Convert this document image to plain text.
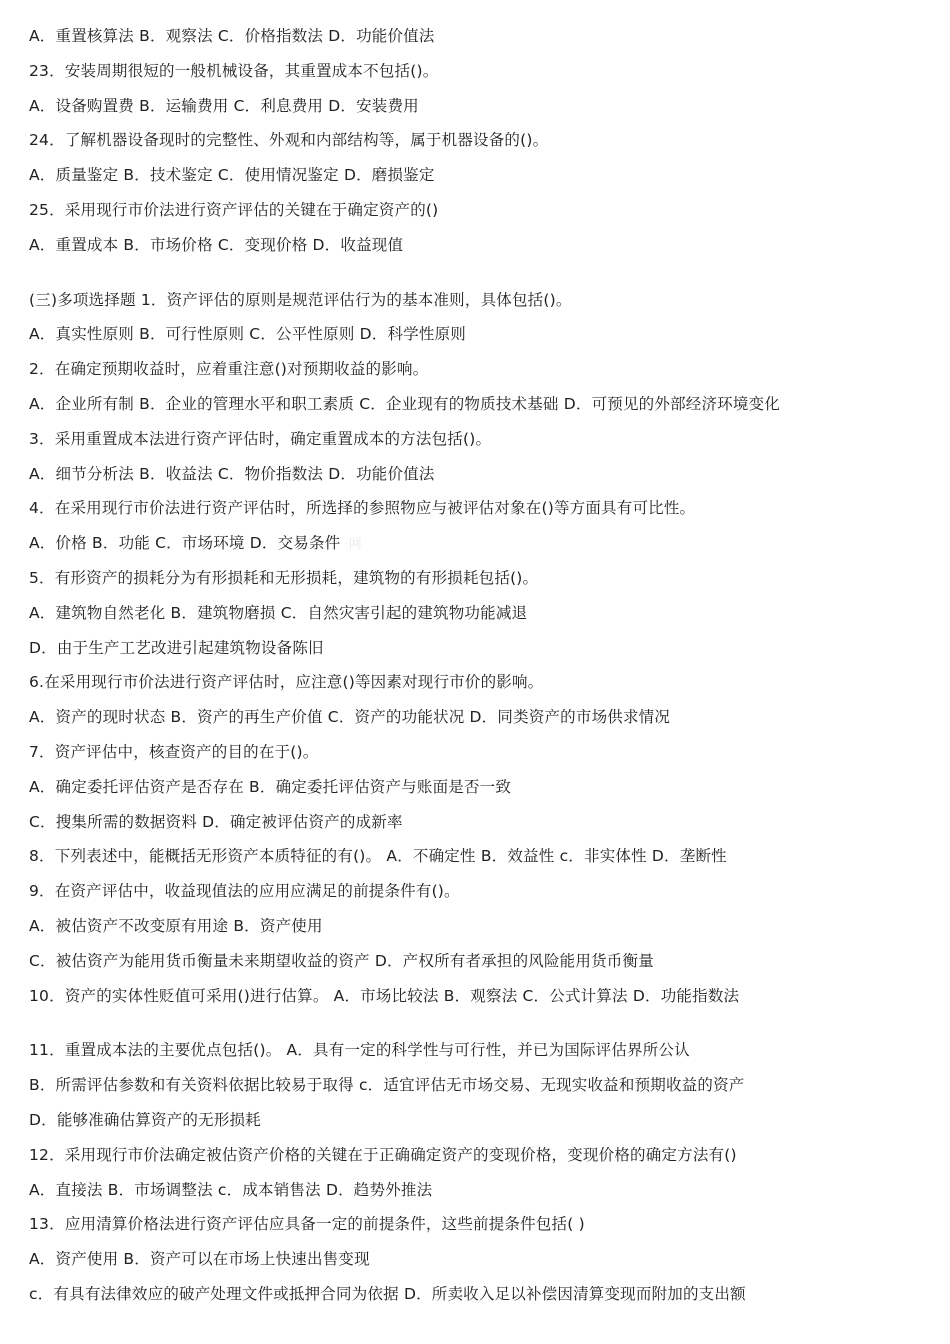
A．重置核算法 B．观察法 C．价格指数法 D．功能价值法
23．安装周期很短的一般机械设备，其重置成本不包括()。
A．设备购置费 B．运输费用 C．利息费用 D．安装费用
24．了解机器设备现时的完整性、外观和内部结构等，属于机器设备的()。
A．质量鉴定 B．技术鉴定 C．使用情况鉴定 D．磨损鉴定
25．采用现行市价法进行资产评估的关键在于确定资产的()
A．重置成本 B．市场价格 C．变现价格 D．收益现值
(三)多项选择题 1．资产评估的原则是规范评估行为的基本准则，具体包括()。
A．真实性原则 B．可行性原则 C．公平性原则 D．科学性原则
2．在确定预期收益时，应着重注意()对预期收益的影响。
A．企业所有制 B．企业的管理水平和职工素质 C．企业现有的物质技术基础 D．可预见的外部经济环境变化
3．采用重置成本法进行资产评估时，确定重置成本的方法包括()。
A．细节分析法 B．收益法 C．物价指数法 D．功能价值法
4．在采用现行市价法进行资产评估时，所选择的参照物应与被评估对象在()等方面具有可比性。
A．价格 B．功能 C．市场环境 D．交易条件 ·网
5．有形资产的损耗分为有形损耗和无形损耗，建筑物的有形损耗包括()。
A．建筑物自然老化 B．建筑物磨损 C．自然灾害引起的建筑物功能减退
D．由于生产工艺改进引起建筑物设备陈旧
6.在采用现行市价法进行资产评估时，应注意()等因素对现行市价的影响。
A．资产的现时状态 B．资产的再生产价值 C．资产的功能状况 D．同类资产的市场供求情况
7．资产评估中，核查资产的目的在于()。
A．确定委托评估资产是否存在 B．确定委托评估资产与账面是否一致
C．搜集所需的数据资料 D．确定被评估资产的成新率
8．下列表述中，能概括无形资产本质特征的有()。 A．不确定性 B．效益性 c．非实体性 D．垄断性
9．在资产评估中，收益现值法的应用应满足的前提条件有()。
A．被估资产不改变原有用途 B．资产使用
C．被估资产为能用货币衡量未来期望收益的资产 D．产权所有者承担的风险能用货币衡量
10．资产的实体性贬值可采用()进行估算。 A．市场比较法 B．观察法 C．公式计算法 D．功能指数法
11．重置成本法的主要优点包括()。 A．具有一定的科学性与可行性，并已为国际评估界所公认
B．所需评估参数和有关资料依据比较易于取得 c．适宜评估无市场交易、无现实收益和预期收益的资产
D．能够准确估算资产的无形损耗
12．采用现行市价法确定被估资产价格的关键在于正确确定资产的变现价格，变现价格的确定方法有()
A．直接法 B．市场调整法 c．成本销售法 D．趋势外推法
13．应用清算价格法进行资产评估应具备一定的前提条件，这些前提条件包括( )
A．资产使用 B．资产可以在市场上快速出售变现
c．有具有法律效应的破产处理文件或抵押合同为依据 D．所卖收入足以补偿因清算变现而附加的支出额
